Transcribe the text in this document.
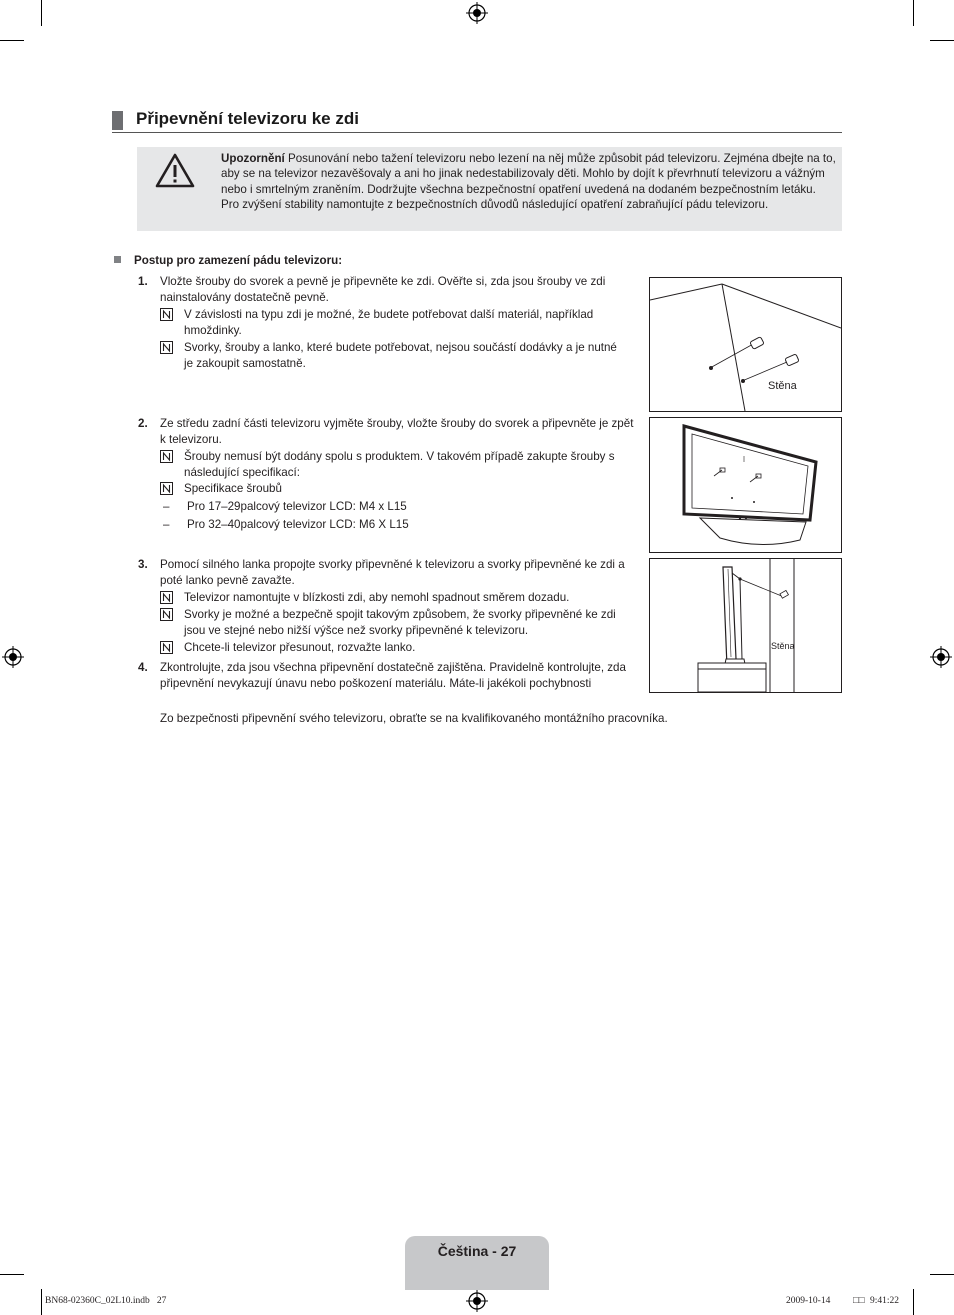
Připevnění televizoru ke zdi
Upozornění Posunování nebo tažení televizoru nebo lezení na něj může způsobit pád televizoru. Zejména dbejte na to, aby se na televizor nezavěšovaly a ani ho jinak nedestabilizovaly děti. Mohlo by dojít k převrhnutí televizoru a vážným nebo i smrtelným zraněním. Dodržujte všechna bezpečnostní opatření uvedená na dodaném bezpečnostním letáku. Pro zvýšení stability namontujte z bezpečnostních důvodů následující opatření zabraňující pádu televizoru.
Postup pro zamezení pádu televizoru:
1. Vložte šrouby do svorek a pevně je připevněte ke zdi. Ověřte si, zda jsou šrouby ve zdi nainstalovány dostatečně pevně.
V závislosti na typu zdi je možné, že budete potřebovat další materiál, například hmoždinky.
Svorky, šrouby a lanko, které budete potřebovat, nejsou součástí dodávky a je nutné je zakoupit samostatně.
Stěna
2. Ze středu zadní části televizoru vyjměte šrouby, vložte šrouby do svorek a připevněte je zpět k televizoru.
Šrouby nemusí být dodány spolu s produktem. V takovém případě zakupte šrouby s následující specifikací:
Specifikace šroubů
– Pro 17–29palcový televizor LCD: M4 x L15
– Pro 32–40palcový televizor LCD: M6 X L15
3. Pomocí silného lanka propojte svorky připevněné k televizoru a svorky připevněné ke zdi a poté lanko pevně zavažte.
Televizor namontujte v blízkosti zdi, aby nemohl spadnout směrem dozadu.
Svorky je možné a bezpečně spojit takovým způsobem, že svorky připevněné ke zdi jsou ve stejné nebo nižší výšce než svorky připevněné k televizoru.
Chcete-li televizor přesunout, rozvažte lanko.	Stěna
4. Zkontrolujte, zda jsou všechna připevnění dostatečně zajištěna. Pravidelně kontrolujte, zda připevnění nevykazují únavu nebo poškození materiálu. Máte-li jakékoli pochybnosti
Zo bezpečnosti připevnění svého televizoru, obraťte se na kvalifikovaného montážního pracovníka.
Čeština - 27
BN68-02360C_02L10.indb   27	2009-10-14 □□ 9:41:22
